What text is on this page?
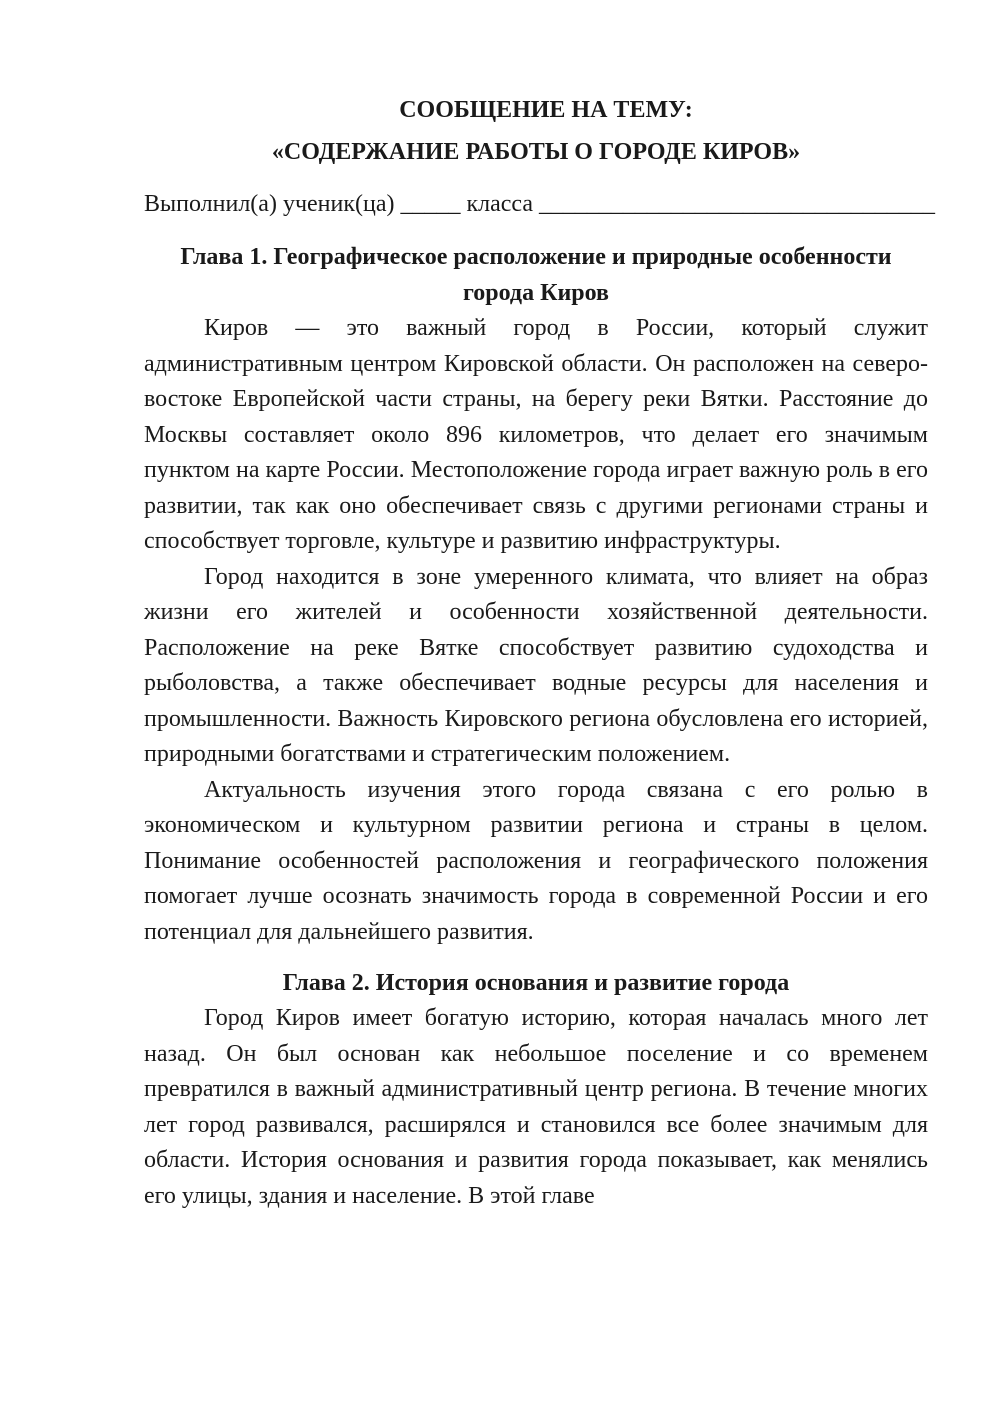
СООБЩЕНИЕ НА ТЕМУ:
«СОДЕРЖАНИЕ РАБОТЫ О ГОРОДЕ КИРОВ»
Выполнил(а) ученик(ца) _____ класса _________________________________
Глава 1. Географическое расположение и природные особенности города Киров

Киров — это важный город в России, который служит административным центром Кировской области. Он расположен на северо-востоке Европейской части страны, на берегу реки Вятки. Расстояние до Москвы составляет около 896 километров, что делает его значимым пунктом на карте России. Местоположение города играет важную роль в его развитии, так как оно обеспечивает связь с другими регионами страны и способствует торговле, культуре и развитию инфраструктуры.

Город находится в зоне умеренного климата, что влияет на образ жизни его жителей и особенности хозяйственной деятельности. Расположение на реке Вятке способствует развитию судоходства и рыболовства, а также обеспечивает водные ресурсы для населения и промышленности. Важность Кировского региона обусловлена его историей, природными богатствами и стратегическим положением.

Актуальность изучения этого города связана с его ролью в экономическом и культурном развитии региона и страны в целом. Понимание особенностей расположения и географического положения помогает лучше осознать значимость города в современной России и его потенциал для дальнейшего развития.

Глава 2. История основания и развитие города

Город Киров имеет богатую историю, которая началась много лет назад. Он был основан как небольшое поселение и со временем превратился в важный административный центр региона. В течение многих лет город развивался, расширялся и становился все более значимым для области. История основания и развития города показывает, как менялись его улицы, здания и население. В этой главе
